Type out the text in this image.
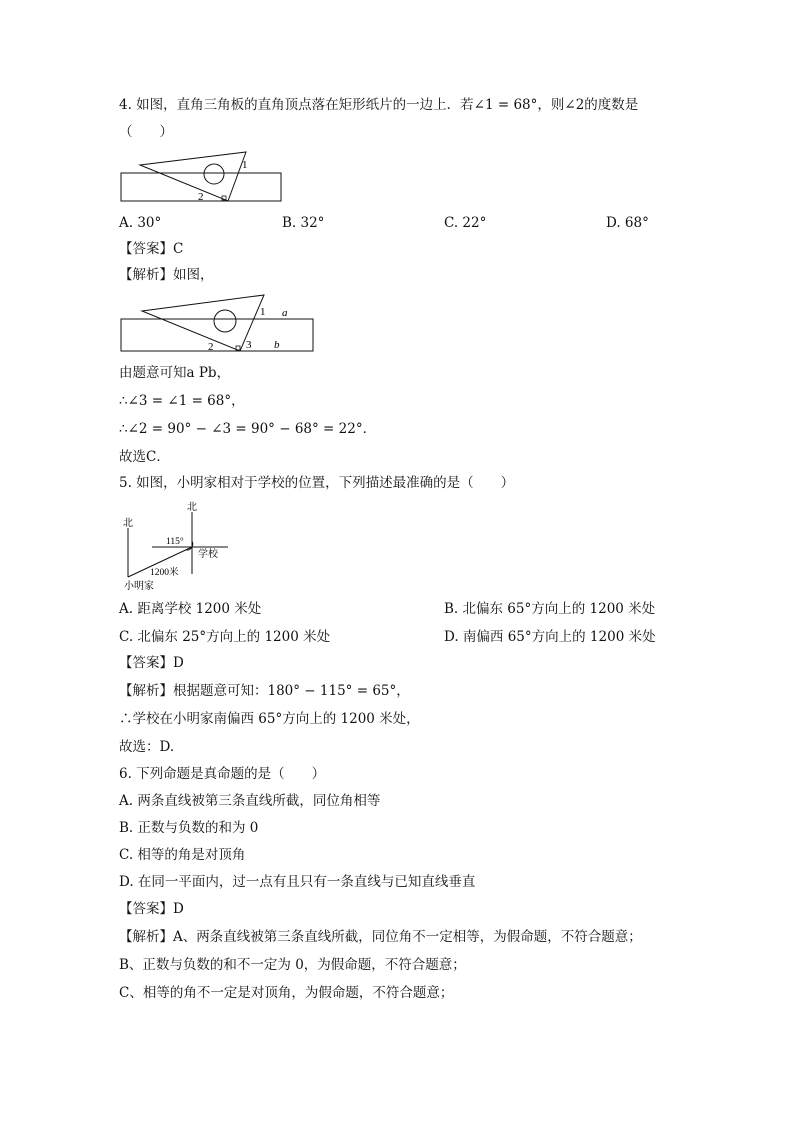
4. 如图，直角三角板的直角顶点落在矩形纸片的一边上．若∠1 = 68°，则∠2的度数是
（　　）
1
2
A. 30°	B. 32°	C. 22°	D. 68°
【答案】C
【解析】如图，
1
2	3
a
b
由题意可知a Pb，
∴∠3 = ∠1 = 68°，
∴∠2 = 90° − ∠3 = 90° − 68° = 22°．
故选C．
5. 如图，小明家相对于学校的位置，下列描述最准确的是（　　）
北
北
115°
学校
1200米
小明家
A. 距离学校 1200 米处	B. 北偏东 65°方向上的 1200 米处
C. 北偏东 25°方向上的 1200 米处	D. 南偏西 65°方向上的 1200 米处
【答案】D
【解析】根据题意可知：180° − 115° = 65°，
∴学校在小明家南偏西 65°方向上的 1200 米处，
故选：D.
6. 下列命题是真命题的是（　　）
A. 两条直线被第三条直线所截，同位角相等
B. 正数与负数的和为 0
C. 相等的角是对顶角
D. 在同一平面内，过一点有且只有一条直线与已知直线垂直
【答案】D
【解析】A、两条直线被第三条直线所截，同位角不一定相等，为假命题，不符合题意；
B、正数与负数的和不一定为 0，为假命题，不符合题意；
C、相等的角不一定是对顶角，为假命题，不符合题意；
